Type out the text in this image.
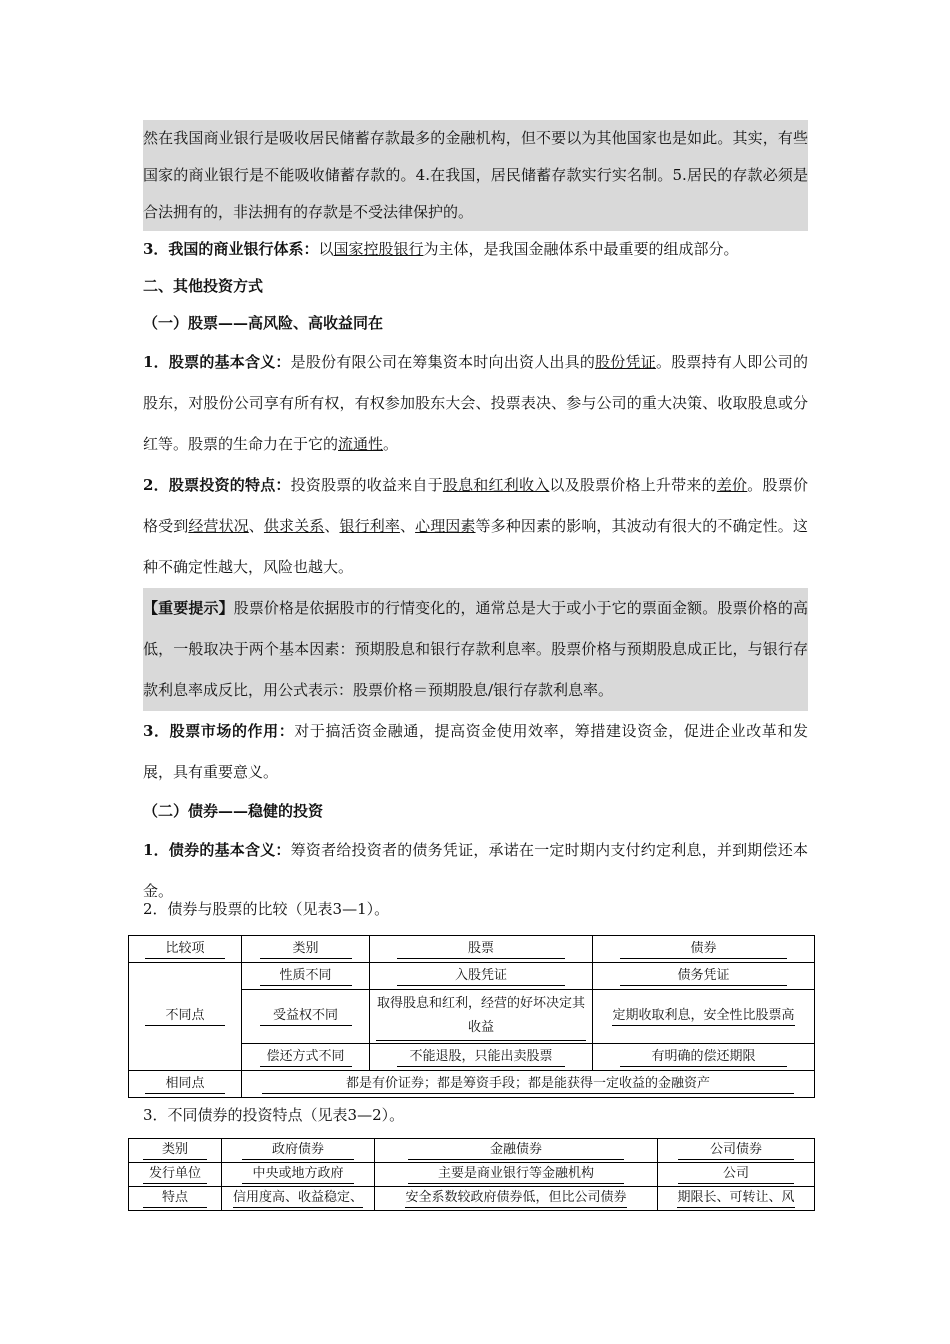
然在我国商业银行是吸收居民储蓄存款最多的金融机构，但不要以为其他国家也是如此。其实，有些国家的商业银行是不能吸收储蓄存款的。4.在我国，居民储蓄存款实行实名制。5.居民的存款必须是合法拥有的，非法拥有的存款是不受法律保护的。

3．我国的商业银行体系：以国家控股银行为主体，是我国金融体系中最重要的组成部分。

二、其他投资方式

（一）股票——高风险、高收益同在

1．股票的基本含义：是股份有限公司在筹集资本时向出资人出具的股份凭证。股票持有人即公司的股东，对股份公司享有所有权，有权参加股东大会、投票表决、参与公司的重大决策、收取股息或分红等。股票的生命力在于它的流通性。

2．股票投资的特点：投资股票的收益来自于股息和红利收入以及股票价格上升带来的差价。股票价格受到经营状况、供求关系、银行利率、心理因素等多种因素的影响，其波动有很大的不确定性。这种不确定性越大，风险也越大。

【重要提示】股票价格是依据股市的行情变化的，通常总是大于或小于它的票面金额。股票价格的高低，一般取决于两个基本因素：预期股息和银行存款利息率。股票价格与预期股息成正比，与银行存款利息率成反比，用公式表示：股票价格＝预期股息/银行存款利息率。

3．股票市场的作用：对于搞活资金融通，提高资金使用效率，筹措建设资金，促进企业改革和发展，具有重要意义。

（二）债券——稳健的投资

1．债券的基本含义：筹资者给投资者的债务凭证，承诺在一定时期内支付约定利息，并到期偿还本金。

2．债券与股票的比较（见表3—1）。
比较项	类别	股票	债券
不同点	性质不同	入股凭证	债务凭证
	受益权不同	取得股息和红利，经营的好坏决定其收益	定期收取利息，安全性比股票高
	偿还方式不同	不能退股，只能出卖股票	有明确的偿还期限
相同点	都是有价证券；都是筹资手段；都是能获得一定收益的金融资产		
3．不同债券的投资特点（见表3—2）。
类别	政府债券	金融债券	公司债券
发行单位	中央或地方政府	主要是商业银行等金融机构	公司
特点	信用度高、收益稳定、	安全系数较政府债券低，但比公司债券	期限长、可转让、风
